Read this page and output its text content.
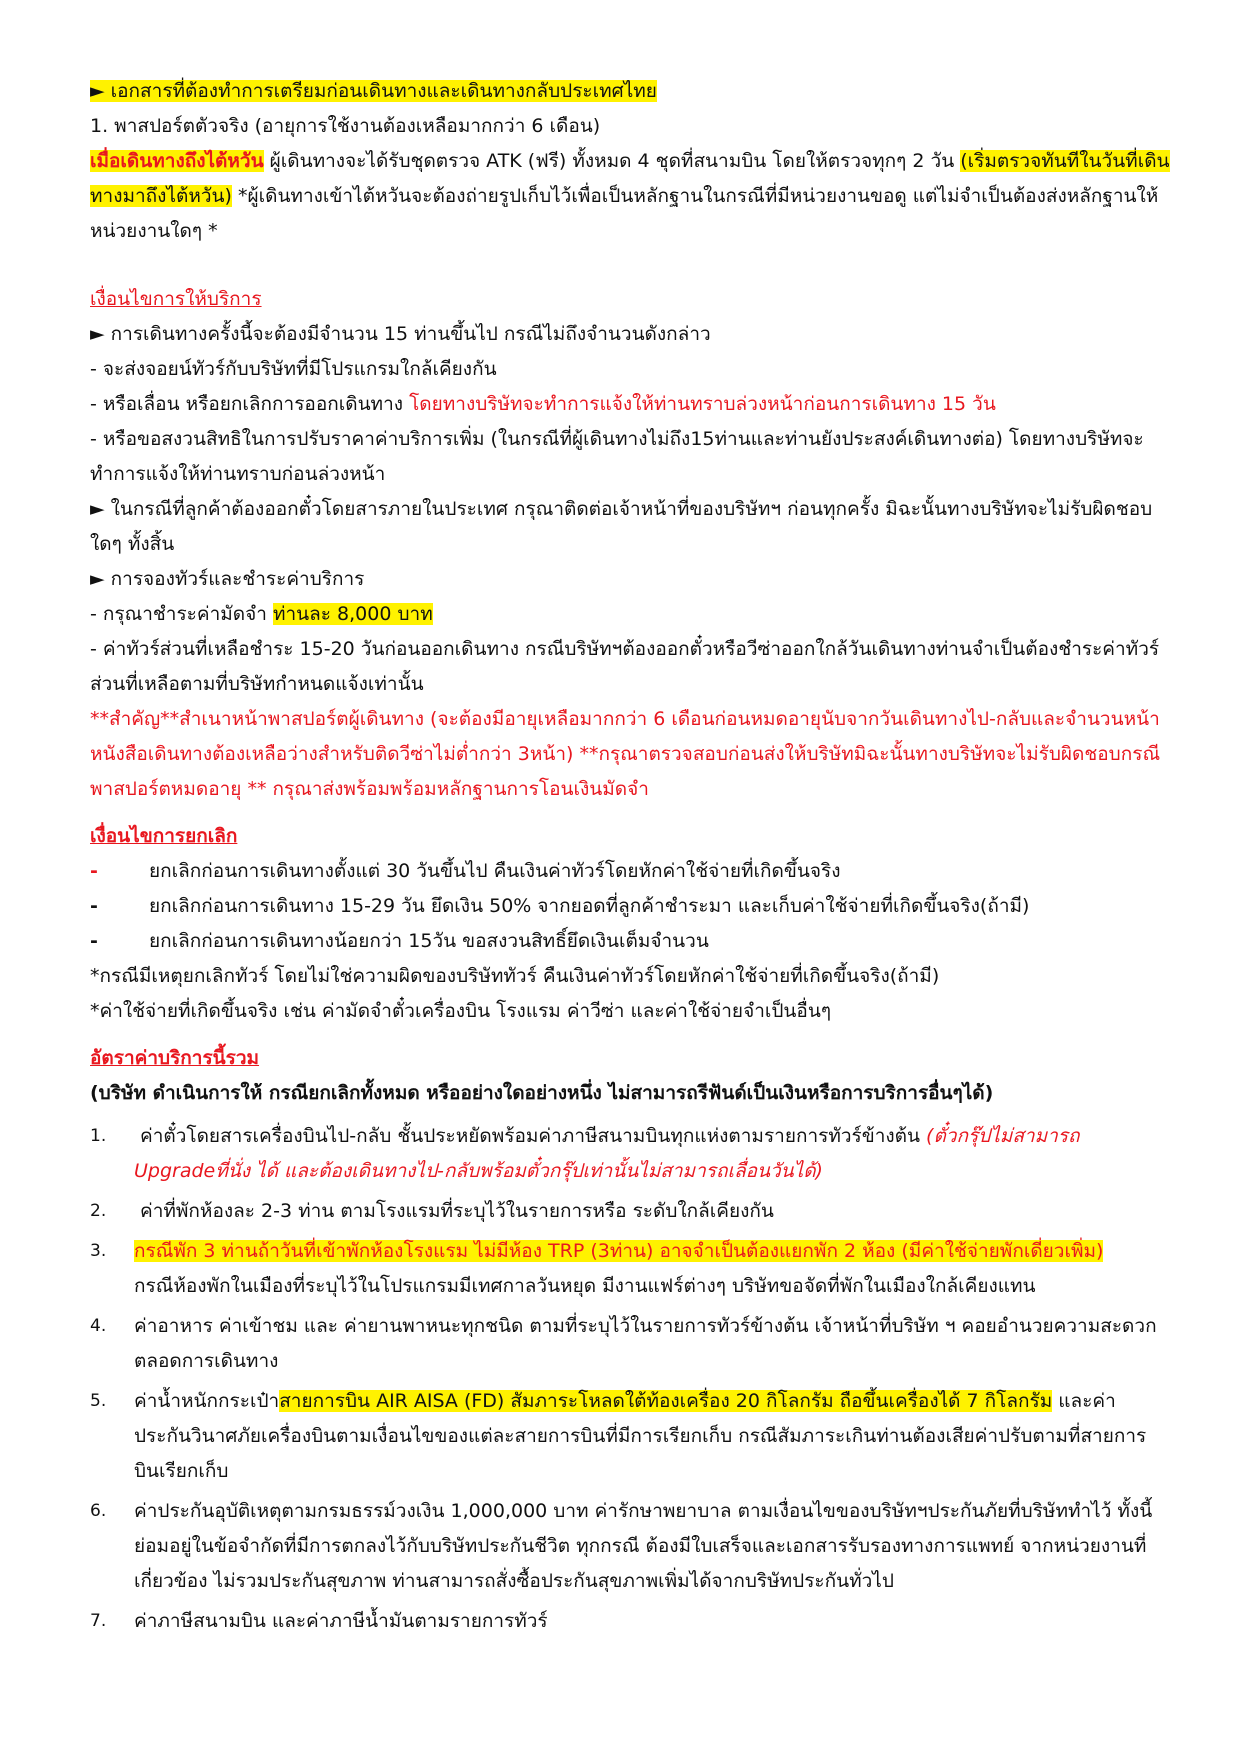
► เอกสารที่ต้องทำการเตรียมก่อนเดินทางและเดินทางกลับประเทศไทย

1. พาสปอร์ตตัวจริง (อายุการใช้งานต้องเหลือมากกว่า 6 เดือน)

เมื่อเดินทางถึงไต้หวัน ผู้เดินทางจะได้รับชุดตรวจ ATK (ฟรี) ทั้งหมด 4 ชุดที่สนามบิน โดยให้ตรวจทุกๆ 2 วัน (เริ่มตรวจทันทีในวันที่เดินทางมาถึงไต้หวัน) *ผู้เดินทางเข้าไต้หวันจะต้องถ่ายรูปเก็บไว้เพื่อเป็นหลักฐานในกรณีที่มีหน่วยงานขอดู แต่ไม่จำเป็นต้องส่งหลักฐานให้หน่วยงานใดๆ *

เงื่อนไขการให้บริการ

► การเดินทางครั้งนี้จะต้องมีจำนวน 15 ท่านขึ้นไป กรณีไม่ถึงจำนวนดังกล่าว

- จะส่งจอยน์ทัวร์กับบริษัทที่มีโปรแกรมใกล้เคียงกัน

- หรือเลื่อน หรือยกเลิกการออกเดินทาง โดยทางบริษัทจะทำการแจ้งให้ท่านทราบล่วงหน้าก่อนการเดินทาง 15 วัน

- หรือขอสงวนสิทธิในการปรับราคาค่าบริการเพิ่ม (ในกรณีที่ผู้เดินทางไม่ถึง15ท่านและท่านยังประสงค์เดินทางต่อ) โดยทางบริษัทจะทำการแจ้งให้ท่านทราบก่อนล่วงหน้า

► ในกรณีที่ลูกค้าต้องออกตั๋วโดยสารภายในประเทศ กรุณาติดต่อเจ้าหน้าที่ของบริษัทฯ ก่อนทุกครั้ง มิฉะนั้นทางบริษัทจะไม่รับผิดชอบใดๆ ทั้งสิ้น

► การจองทัวร์และชำระค่าบริการ

- กรุณาชำระค่ามัดจำ ท่านละ 8,000 บาท

- ค่าทัวร์ส่วนที่เหลือชำระ 15-20 วันก่อนออกเดินทาง กรณีบริษัทฯต้องออกตั๋วหรือวีซ่าออกใกล้วันเดินทางท่านจำเป็นต้องชำระค่าทัวร์ส่วนที่เหลือตามที่บริษัทกำหนดแจ้งเท่านั้น

**สำคัญ**สำเนาหน้าพาสปอร์ตผู้เดินทาง (จะต้องมีอายุเหลือมากกว่า 6 เดือนก่อนหมดอายุนับจากวันเดินทางไป-กลับและจำนวนหน้าหนังสือเดินทางต้องเหลือว่างสำหรับติดวีซ่าไม่ต่ำกว่า 3หน้า) **กรุณาตรวจสอบก่อนส่งให้บริษัทมิฉะนั้นทางบริษัทจะไม่รับผิดชอบกรณีพาสปอร์ตหมดอายุ ** กรุณาส่งพร้อมพร้อมหลักฐานการโอนเงินมัดจำ

เงื่อนไขการยกเลิก

-	ยกเลิกก่อนการเดินทางตั้งแต่ 30 วันขึ้นไป คืนเงินค่าทัวร์โดยหักค่าใช้จ่ายที่เกิดขึ้นจริง
-	ยกเลิกก่อนการเดินทาง 15-29 วัน ยึดเงิน 50% จากยอดที่ลูกค้าชำระมา และเก็บค่าใช้จ่ายที่เกิดขึ้นจริง(ถ้ามี)
-	ยกเลิกก่อนการเดินทางน้อยกว่า 15วัน ขอสงวนสิทธิ์ยึดเงินเต็มจำนวน

*กรณีมีเหตุยกเลิกทัวร์ โดยไม่ใช่ความผิดของบริษัททัวร์ คืนเงินค่าทัวร์โดยหักค่าใช้จ่ายที่เกิดขึ้นจริง(ถ้ามี)

*ค่าใช้จ่ายที่เกิดขึ้นจริง เช่น ค่ามัดจำตั๋วเครื่องบิน โรงแรม ค่าวีซ่า และค่าใช้จ่ายจำเป็นอื่นๆ

อัตราค่าบริการนี้รวม

(บริษัท ดำเนินการให้ กรณียกเลิกทั้งหมด หรืออย่างใดอย่างหนึ่ง ไม่สามารถรีฟันด์เป็นเงินหรือการบริการอื่นๆได้)

1.	ค่าตั๋วโดยสารเครื่องบินไป-กลับ ชั้นประหยัดพร้อมค่าภาษีสนามบินทุกแห่งตามรายการทัวร์ข้างต้น (ตั๋วกรุ๊ปไม่สามารถ Upgradeที่นั่ง ได้ และต้องเดินทางไป-กลับพร้อมตั๋วกรุ๊ปเท่านั้นไม่สามารถเลื่อนวันได้)
2.	ค่าที่พักห้องละ 2-3 ท่าน ตามโรงแรมที่ระบุไว้ในรายการหรือ ระดับใกล้เคียงกัน
3.	กรณีพัก 3 ท่านถ้าวันที่เข้าพักห้องโรงแรม ไม่มีห้อง TRP (3ท่าน) อาจจำเป็นต้องแยกพัก 2 ห้อง (มีค่าใช้จ่ายพักเดี่ยวเพิ่ม)
กรณีห้องพักในเมืองที่ระบุไว้ในโปรแกรมมีเทศกาลวันหยุด มีงานแฟร์ต่างๆ บริษัทขอจัดที่พักในเมืองใกล้เคียงแทน
4.	ค่าอาหาร ค่าเข้าชม และ ค่ายานพาหนะทุกชนิด ตามที่ระบุไว้ในรายการทัวร์ข้างต้น เจ้าหน้าที่บริษัท ฯ คอยอำนวยความสะดวกตลอดการเดินทาง
5.	ค่าน้ำหนักกระเป๋าสายการบิน AIR AISA (FD) สัมภาระโหลดใต้ท้องเครื่อง 20 กิโลกรัม ถือขึ้นเครื่องได้ 7 กิโลกรัม และค่าประกันวินาศภัยเครื่องบินตามเงื่อนไขของแต่ละสายการบินที่มีการเรียกเก็บ กรณีสัมภาระเกินท่านต้องเสียค่าปรับตามที่สายการบินเรียกเก็บ
6.	ค่าประกันอุบัติเหตุตามกรมธรรม์วงเงิน 1,000,000 บาท ค่ารักษาพยาบาล ตามเงื่อนไขของบริษัทฯประกันภัยที่บริษัททำไว้ ทั้งนี้ย่อมอยู่ในข้อจำกัดที่มีการตกลงไว้กับบริษัทประกันชีวิต ทุกกรณี ต้องมีใบเสร็จและเอกสารรับรองทางการแพทย์ จากหน่วยงานที่เกี่ยวข้อง ไม่รวมประกันสุขภาพ ท่านสามารถสั่งซื้อประกันสุขภาพเพิ่มได้จากบริษัทประกันทั่วไป
7.	ค่าภาษีสนามบิน และค่าภาษีน้ำมันตามรายการทัวร์
